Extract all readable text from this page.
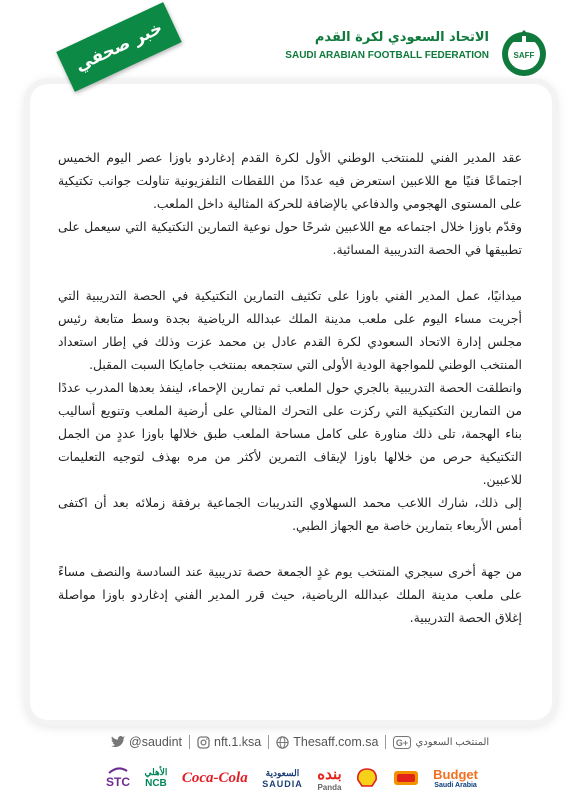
الاتحاد السعودي لكرة القدم
SAUDI ARABIAN FOOTBALL FEDERATION	SAFF
خبر صحفي

عقد المدير الفني للمنتخب الوطني الأول لكرة القدم إدغاردو باوزا عصر اليوم الخميس اجتماعًا فنيًا مع اللاعبين استعرض فيه عددًا من اللقطات التلفزيونية تناولت جوانب تكتيكية على المستوى الهجومي والدفاعي بالإضافة للحركة المثالية داخل الملعب.

وقدّم باوزا خلال اجتماعه مع اللاعبين شرحًا حول نوعية التمارين التكتيكية التي سيعمل على تطبيقها في الحصة التدريبية المسائية.

ميدانيًا، عمل المدير الفني باوزا على تكثيف التمارين التكتيكية في الحصة التدريبية التي أجريت مساء اليوم على ملعب مدينة الملك عبدالله الرياضية بجدة وسط متابعة رئيس مجلس إدارة الاتحاد السعودي لكرة القدم عادل بن محمد عزت وذلك في إطار استعداد المنتخب الوطني للمواجهة الودية الأولى التي ستجمعه بمنتخب جامايكا السبت المقبل.

وانطلقت الحصة التدريبية بالجري حول الملعب ثم تمارين الإحماء، لينفذ بعدها المدرب عددًا من التمارين التكتيكية التي ركزت على التحرك المثالي على أرضية الملعب وتنويع أساليب بناء الهجمة، تلى ذلك مناورة على كامل مساحة الملعب طبق خلالها باوزا عددٍ من الجمل التكتيكية حرص من خلالها باوزا لإيقاف التمرين لأكثر من مره بهذف لتوجيه التعليمات للاعبين.

إلى ذلك، شارك اللاعب محمد السهلاوي التدريبات الجماعية برفقة زملائه بعد أن اكتفى أمس الأربعاء بتمارين خاصة مع الجهاز الطبي.

من جهة أخرى سيجري المنتخب يوم غدٍ الجمعة حصة تدريبية عند السادسة والنصف مساءً على ملعب مدينة الملك عبدالله الرياضية، حيث قرر المدير الفني إدغاردو باوزا مواصلة إغلاق الحصة التدريبية.

@saudint	nft.1.ksa	Thesaff.com.sa G+ المنتخب السعودي
STC
الأهلي
NCB Coca-Cola السعودية
SAUDIA
بنده
Panda
Budget
Saudi Arabia
